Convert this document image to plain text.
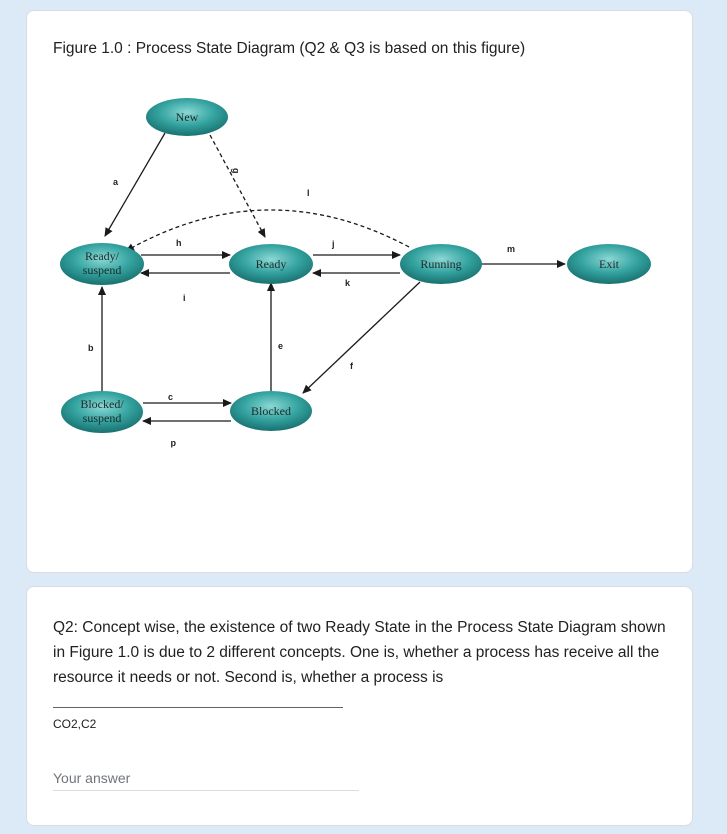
Figure 1.0 : Process State Diagram (Q2 & Q3 is based on this figure)
a
g
l
h	j	m
k
i
b	e
f
c
d
New
Ready/
suspend	Ready	Running	Exit
Blocked/
suspend	Blocked

Q2: Concept wise, the existence of two Ready State in the Process State Diagram shown in Figure 1.0 is due to 2 different concepts. One is, whether a process has receive all the resource it needs or not. Second is, whether a process is

CO2,C2
Your answer
